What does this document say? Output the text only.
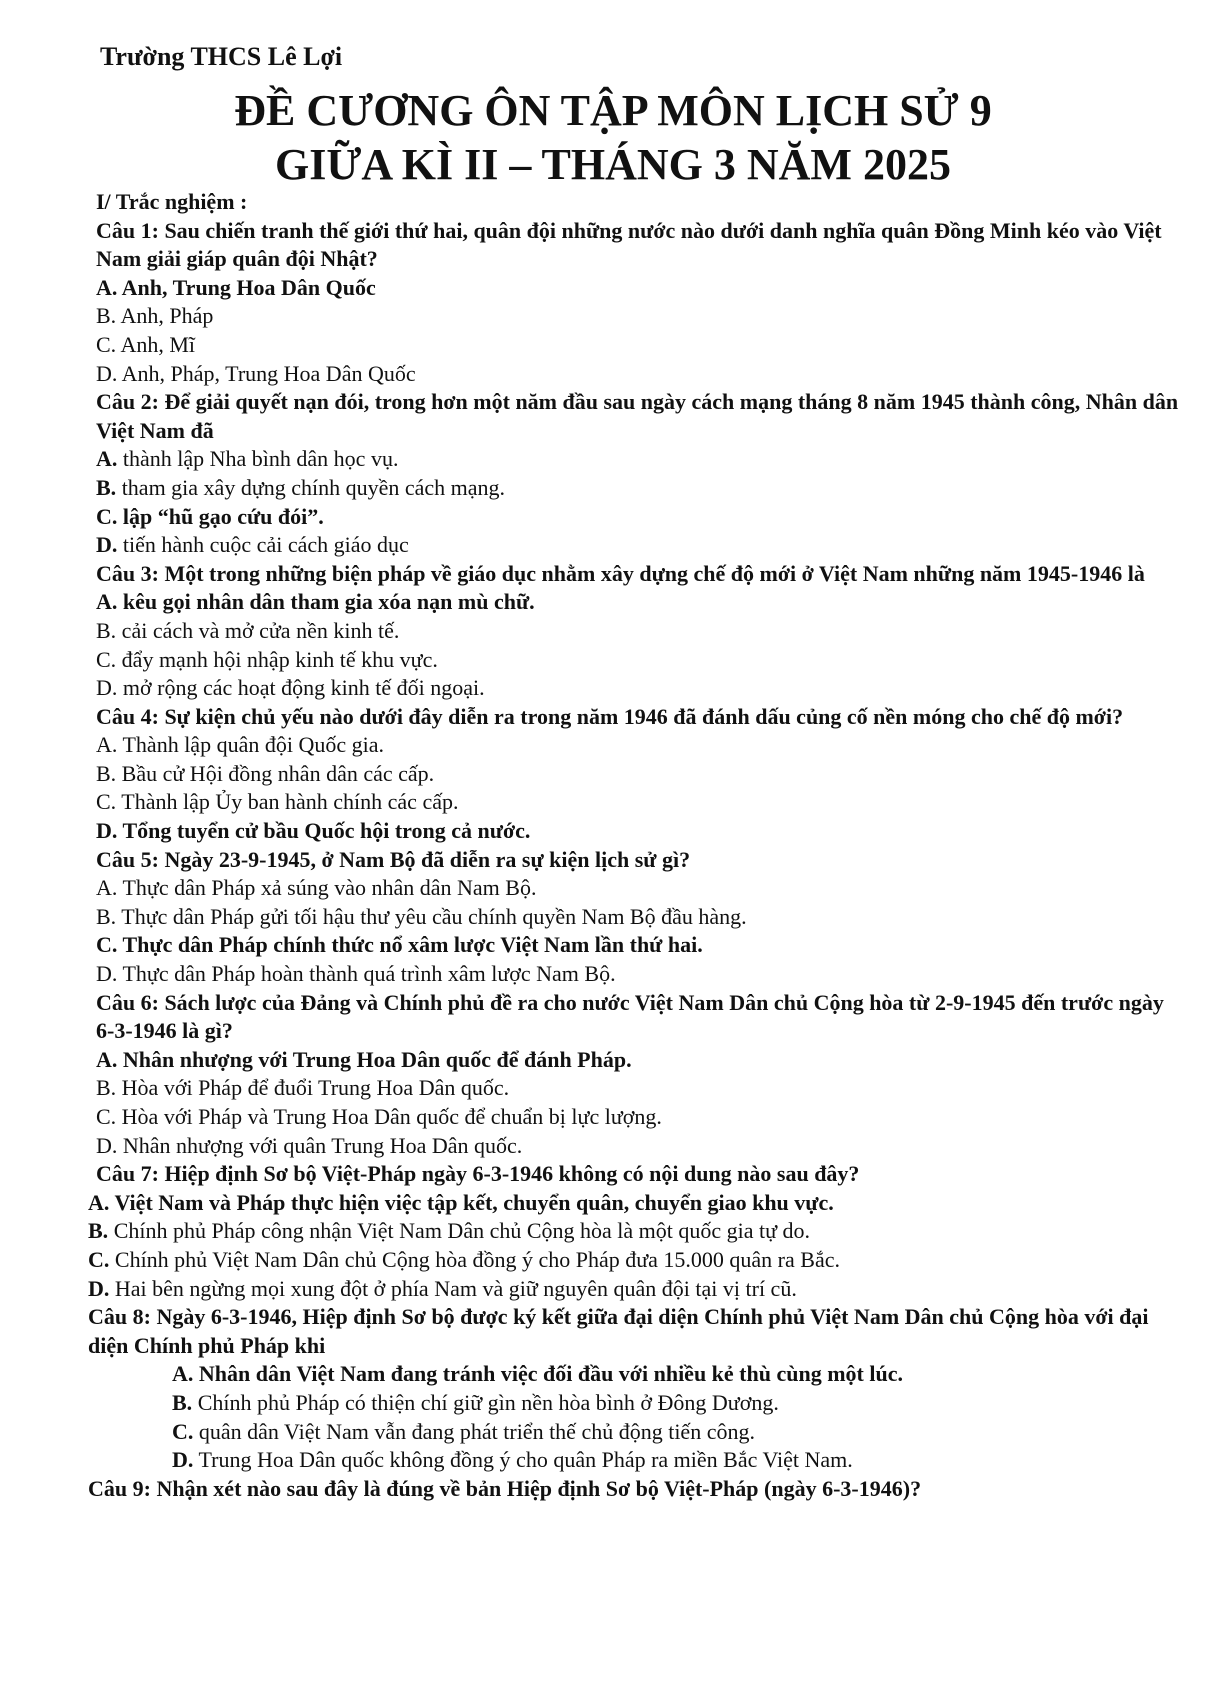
Trường THCS Lê Lợi
ĐỀ CƯƠNG ÔN TẬP MÔN LỊCH SỬ 9
GIỮA KÌ II – THÁNG 3 NĂM 2025
I/ Trắc nghiệm :
Câu 1: Sau chiến tranh thế giới thứ hai, quân đội những nước nào dưới danh nghĩa quân Đồng Minh kéo vào Việt Nam giải giáp quân đội Nhật?
A. Anh, Trung Hoa Dân Quốc
B. Anh, Pháp
C. Anh, Mĩ
D. Anh, Pháp, Trung Hoa Dân Quốc
Câu 2: Để giải quyết nạn đói, trong hơn một năm đầu sau ngày cách mạng tháng 8 năm 1945 thành công, Nhân dân Việt Nam đã
A. thành lập Nha bình dân học vụ.
B. tham gia xây dựng chính quyền cách mạng.
C. lập “hũ gạo cứu đói”.
D. tiến hành cuộc cải cách giáo dục
Câu 3: Một trong những biện pháp về giáo dục nhằm xây dựng chế độ mới ở Việt Nam những năm 1945-1946 là
A. kêu gọi nhân dân tham gia xóa nạn mù chữ.
B. cải cách và mở cửa nền kinh tế.
C. đẩy mạnh hội nhập kinh tế khu vực.
D. mở rộng các hoạt động kinh tế đối ngoại.
Câu 4: Sự kiện chủ yếu nào dưới đây diễn ra trong năm 1946 đã đánh dấu củng cố nền móng cho chế độ mới?
A. Thành lập quân đội Quốc gia.
B. Bầu cử Hội đồng nhân dân các cấp.
C. Thành lập Ủy ban hành chính các cấp.
D. Tổng tuyển cử bầu Quốc hội trong cả nước.
Câu 5: Ngày 23-9-1945, ở Nam Bộ đã diễn ra sự kiện lịch sử gì?
A. Thực dân Pháp xả súng vào nhân dân Nam Bộ.
B. Thực dân Pháp gửi tối hậu thư yêu cầu chính quyền Nam Bộ đầu hàng.
C. Thực dân Pháp chính thức nổ xâm lược Việt Nam lần thứ hai.
D. Thực dân Pháp hoàn thành quá trình xâm lược Nam Bộ.
Câu 6: Sách lược của Đảng và Chính phủ đề ra cho nước Việt Nam Dân chủ Cộng hòa từ 2-9-1945 đến trước ngày 6-3-1946 là gì?
A. Nhân nhượng với Trung Hoa Dân quốc để đánh Pháp.
B. Hòa với Pháp để đuổi Trung Hoa Dân quốc.
C. Hòa với Pháp và Trung Hoa Dân quốc để chuẩn bị lực lượng.
D. Nhân nhượng với quân Trung Hoa Dân quốc.
Câu 7: Hiệp định Sơ bộ Việt-Pháp ngày 6-3-1946 không có nội dung nào sau đây?
A. Việt Nam và Pháp thực hiện việc tập kết, chuyển quân, chuyển giao khu vực.
B. Chính phủ Pháp công nhận Việt Nam Dân chủ Cộng hòa là một quốc gia tự do.
C. Chính phủ Việt Nam Dân chủ Cộng hòa đồng ý cho Pháp đưa 15.000 quân ra Bắc.
D. Hai bên ngừng mọi xung đột ở phía Nam và giữ nguyên quân đội tại vị trí cũ.
Câu 8: Ngày 6-3-1946, Hiệp định Sơ bộ được ký kết giữa đại diện Chính phủ Việt Nam Dân chủ Cộng hòa với đại diện Chính phủ Pháp khi
A. Nhân dân Việt Nam đang tránh việc đối đầu với nhiều kẻ thù cùng một lúc.
B. Chính phủ Pháp có thiện chí giữ gìn nền hòa bình ở Đông Dương.
C. quân dân Việt Nam vẫn đang phát triển thế chủ động tiến công.
D. Trung Hoa Dân quốc không đồng ý cho quân Pháp ra miền Bắc Việt Nam.
Câu 9: Nhận xét nào sau đây là đúng về bản Hiệp định Sơ bộ Việt-Pháp (ngày 6-3-1946)?
